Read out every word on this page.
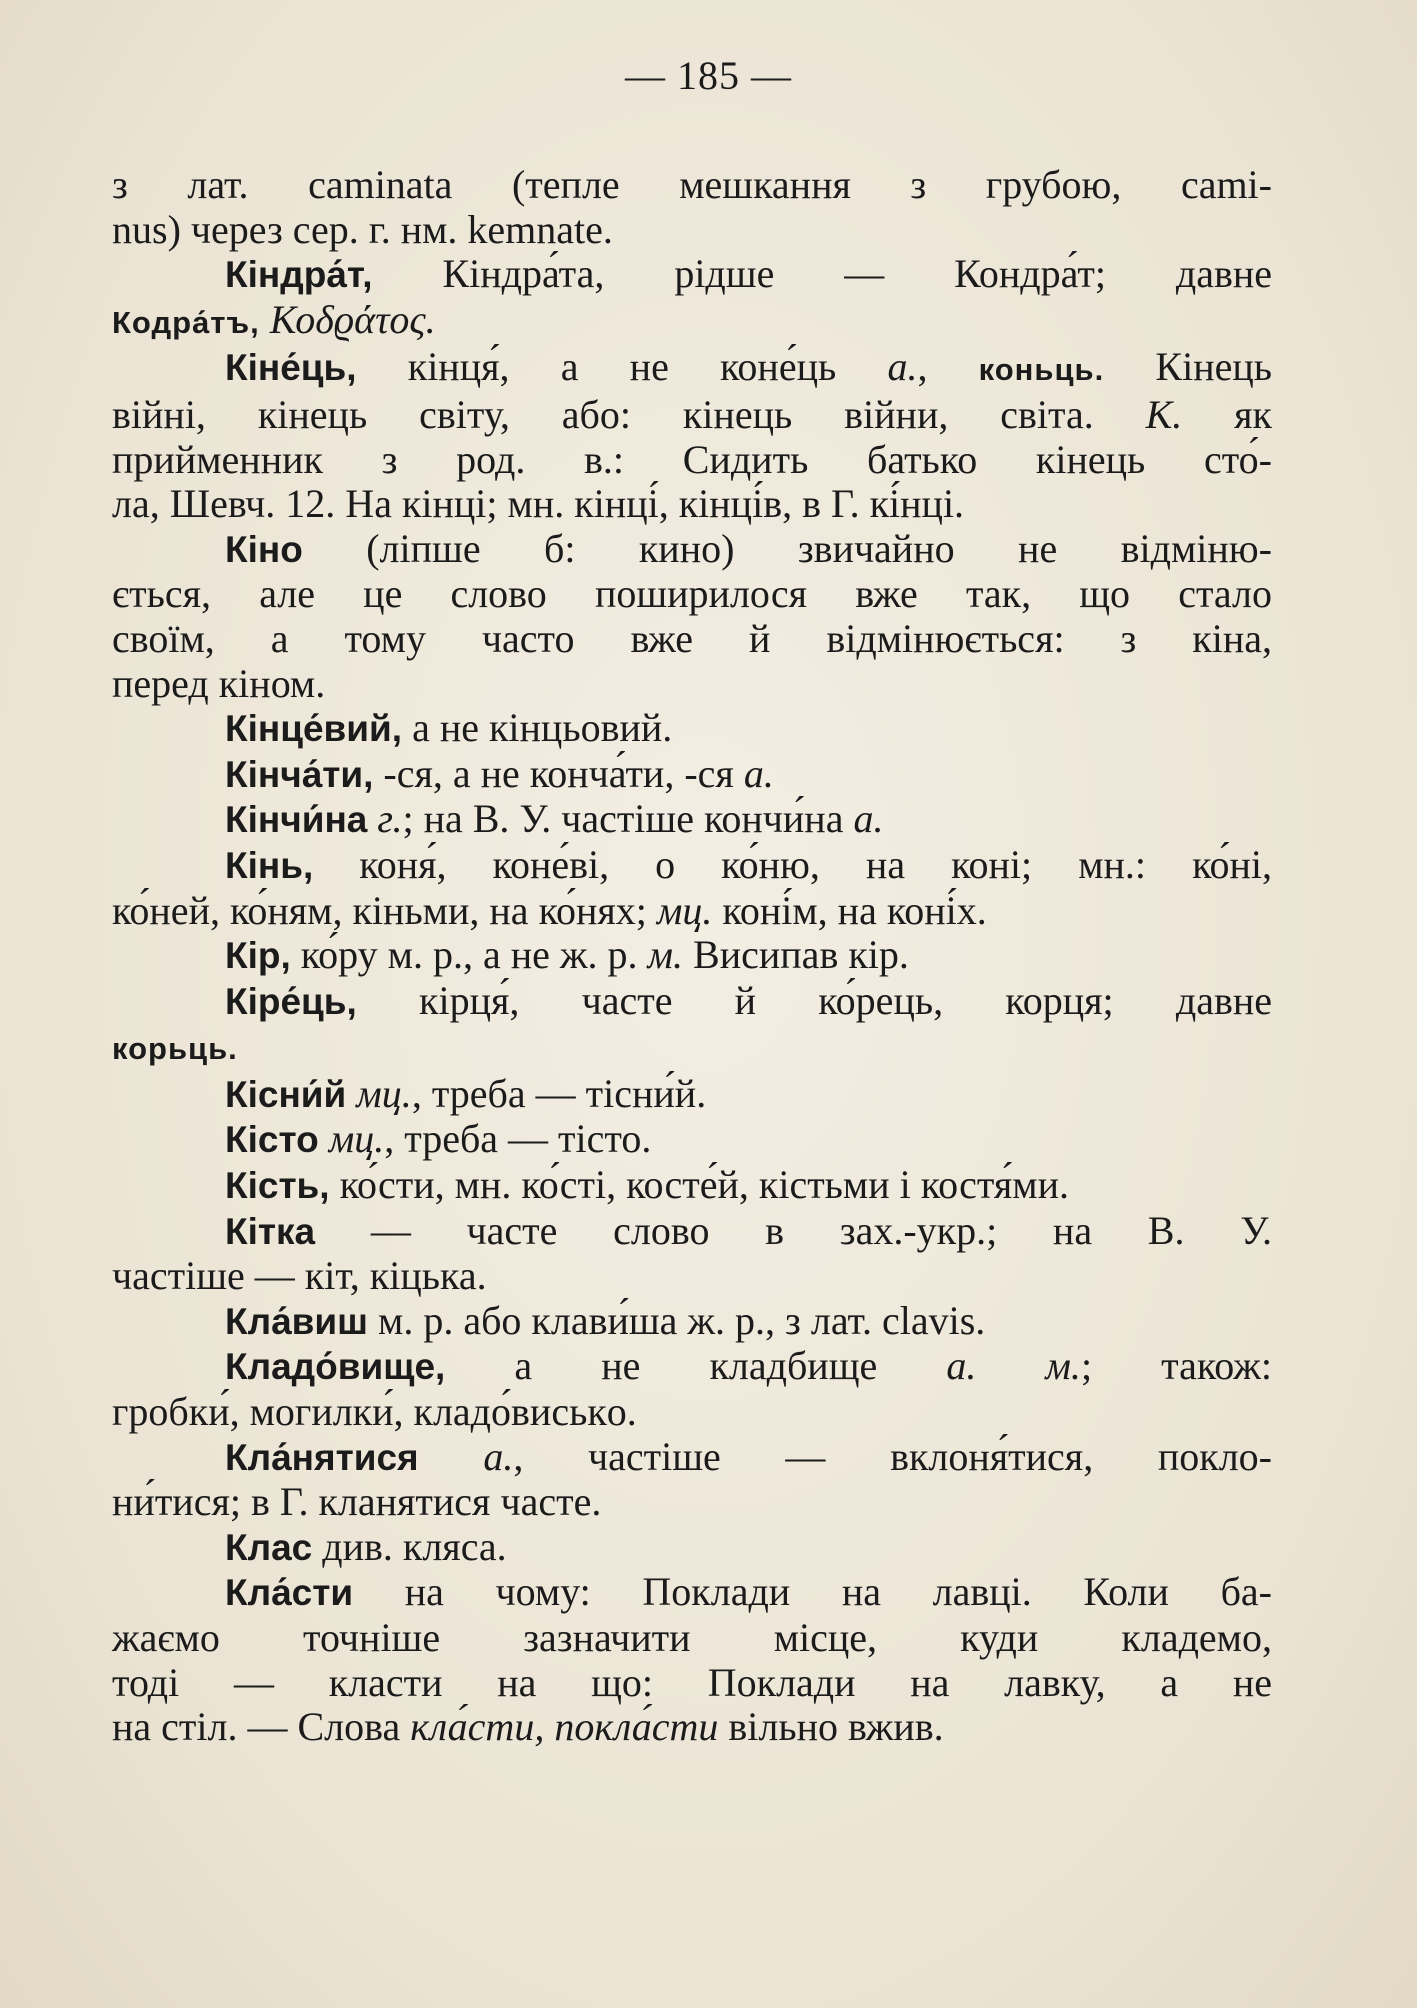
— 185 —

з лат. caminata (тепле мешкання з грубою, cami-

nus) через сер. г. нм. kemnate.

Кіндра́т, Кіндра́та, рідше — Кондра́т; давне

Кодра́тъ, Κοδϱάτος.

Кіне́ць, кінця́, а не коне́ць а., коньць. Кінець

війні, кінець світу, або: кінець війни, світа. К. як

прийменник з род. в.: Сидить батько кінець сто́-

ла, Шевч. 12. На кінці; мн. кінці́, кінці́в, в Г. кі́нці.

Кіно (ліпше б: кино) звичайно не відміню-

ється, але це слово поширилося вже так, що стало

своїм, а тому часто вже й відмінюється: з кіна,

перед кіном.

Кінце́вий, а не кінцьовий.

Кінча́ти, -ся, а не конча́ти, -ся а.

Кінчи́на г.; на В. У. частіше кончи́на а.

Кінь, коня́, коне́ві, о ко́ню, на коні; мн.: ко́ні,

ко́ней, ко́ням, кіньми, на ко́нях; мц. коні́м, на коні́х.

Кір, ко́ру м. р., а не ж. р. м. Висипав кір.

Кіре́ць, кірця́, часте й ко́рець, корця; давне

корьць.

Кісни́й мц., треба — тісни́й.

Кісто мц., треба — тісто.

Кість, ко́сти, мн. ко́сті, косте́й, кістьми і костя́ми.

Кітка — часте слово в зах.-укр.; на В. У.

частіше — кіт, кіцька.

Кла́виш м. р. або клави́ша ж. р., з лат. clavis.

Кладо́вище, а не кладбище а. м.; також:

гробки́, могилки́, кладо́виськo.

Кла́нятися а., частіше — вклоня́тися, покло-

ни́тися; в Г. кланятися часте.

Клас див. кляса.

Кла́сти на чому: Поклади на лавці. Коли ба-

жаємо точніше зазначити місце, куди кладемо,

тоді — класти на що: Поклади на лавку, а не

на стіл. — Слова кла́сти, покла́сти вільно вжив.
